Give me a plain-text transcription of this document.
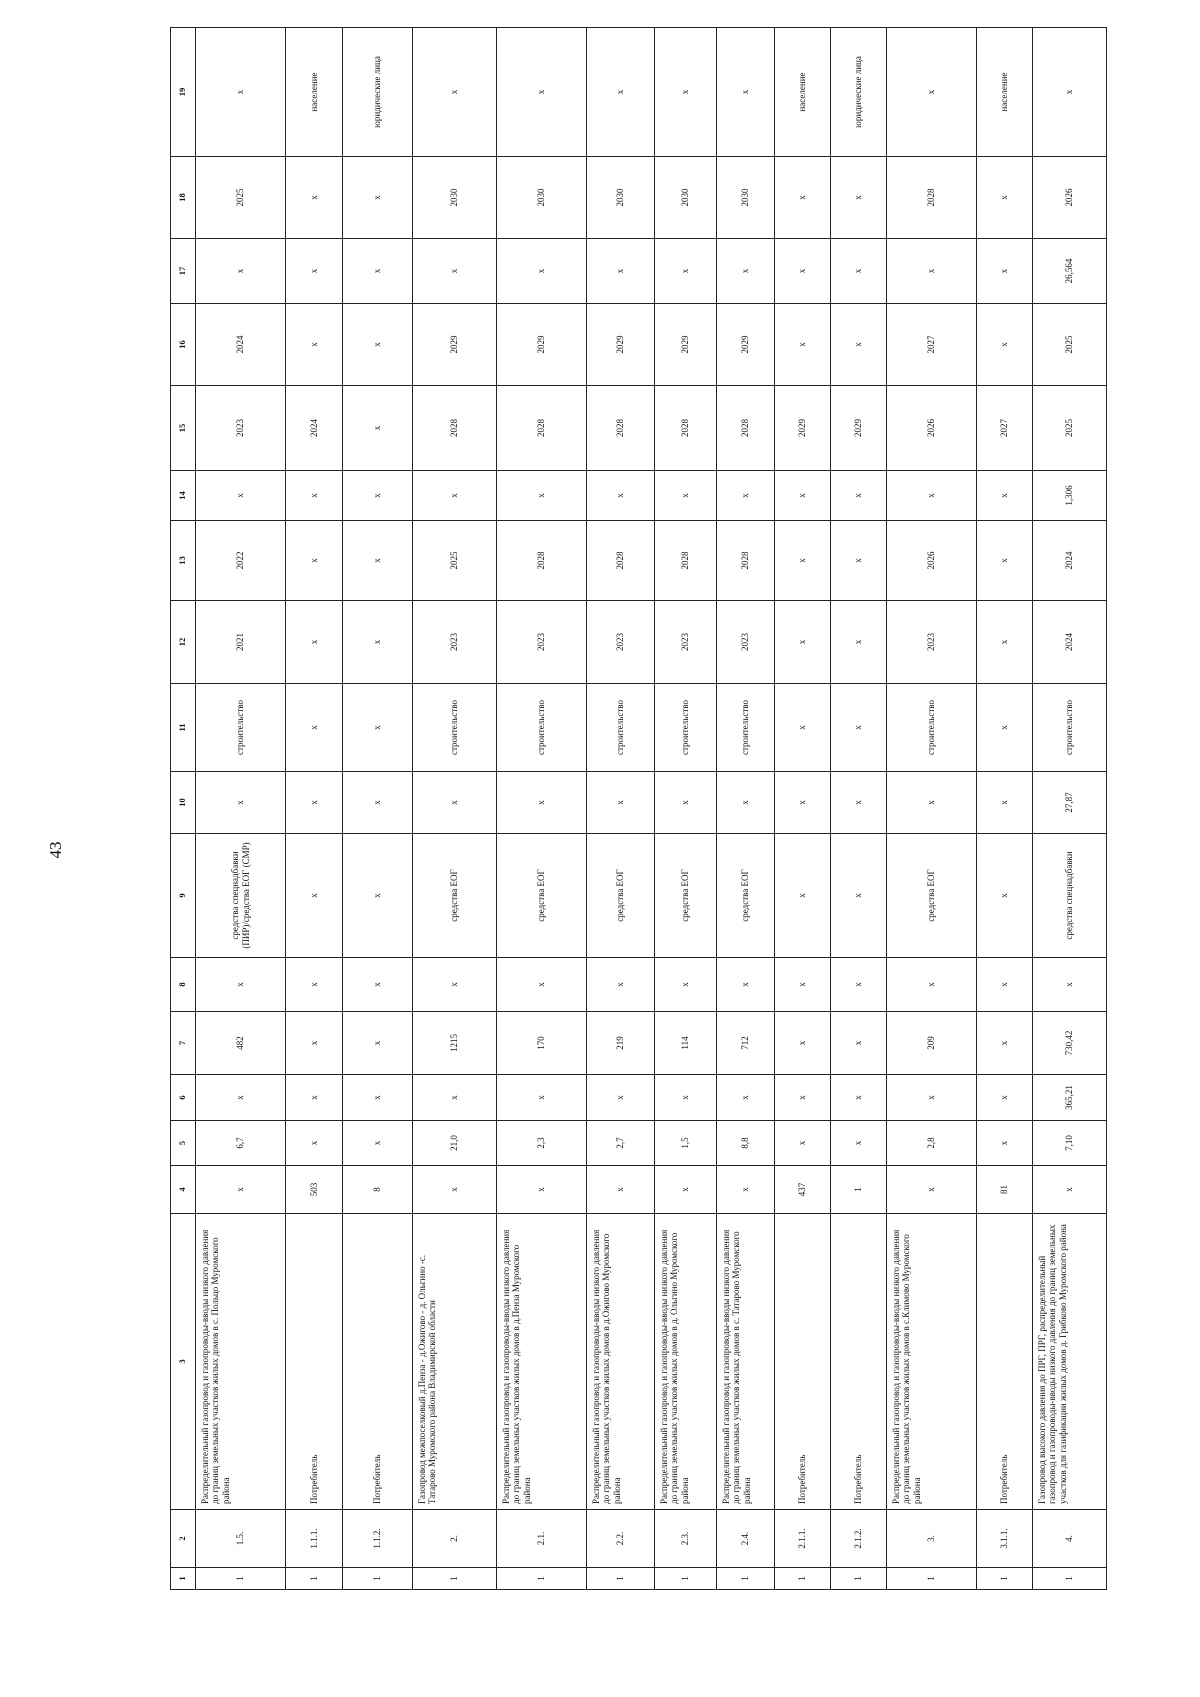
43
1	2	3	4	5	6	7	8	9	10	11	12	13	14	15	16	17	18	19
1	1.5.	Распределительный газопровод и газопроводы-вводы низкого давления до границ земельных участков жилых домов в с. Польцо Муромского района	х	6,7	х	482	х	средства спецнадбавки (ПИР)/средства ЕОГ (СМР)	х	строительство	2021	2022	х	2023	2024	х	2025	х
1	1.1.1.	Потребитель	503	х	х	х	х	х	х	х	х	х	х	2024	х	х	х	население
1	1.1.2.	Потребитель	8	х	х	х	х	х	х	х	х	х	х	х	х	х	х	юридические лица
1	2.	Газопровод межпоселковый д.Пенза - д.Ожигово - д. Ольгино -с. Татарово Муромского района Владимирской области	х	21,0	х	1215	х	средства ЕОГ	х	строительство	2023	2025	х	2028	2029	х	2030	х
1	2.1.	Распределительный газопровод и газопроводы-вводы низкого давления до границ земельных участков жилых домов в д.Пенза Муромского района	х	2,3	х	170	х	средства ЕОГ	х	строительство	2023	2028	х	2028	2029	х	2030	х
1	2.2.	Распределительный газопровод и газопроводы-вводы низкого давления до границ земельных участков жилых домов в д.Ожигово Муромского района	х	2,7	х	219	х	средства ЕОГ	х	строительство	2023	2028	х	2028	2029	х	2030	х
1	2.3.	Распределительный газопровод и газопроводы-вводы низкого давления до границ земельных участков жилых домов в д. Ольгино Муромского района	х	1,5	х	114	х	средства ЕОГ	х	строительство	2023	2028	х	2028	2029	х	2030	х
1	2.4.	Распределительный газопровод и газопроводы-вводы низкого давления до границ земельных участков жилых домов в с. Татарово Муромского района	х	8,8	х	712	х	средства ЕОГ	х	строительство	2023	2028	х	2028	2029	х	2030	х
1	2.1.1.	Потребитель	437	х	х	х	х	х	х	х	х	х	х	2029	х	х	х	население
1	2.1.2.	Потребитель	1	х	х	х	х	х	х	х	х	х	х	2029	х	х	х	юридические лица
1	3.	Распределительный газопровод и газопроводы-вводы низкого давления до границ земельных участков жилых домов в с.Климово Муромского района	х	2,8	х	209	х	средства ЕОГ	х	строительство	2023	2026	х	2026	2027	х	2028	х
1	3.1.1.	Потребитель	81	х	х	х	х	х	х	х	х	х	х	2027	х	х	х	население
1	4.	Газопровод высокого давления до ПРГ, ПРГ, распределительный газопровод и газопроводы-вводы низкого давления до границ земельных участков для газификации жилых домов д. Грибково Муромского района	х	7,10	365,21	730,42	х	средства спецнадбавки	27,87	строительство	2024	2024	1,306	2025	2025	26,564	2026	х
